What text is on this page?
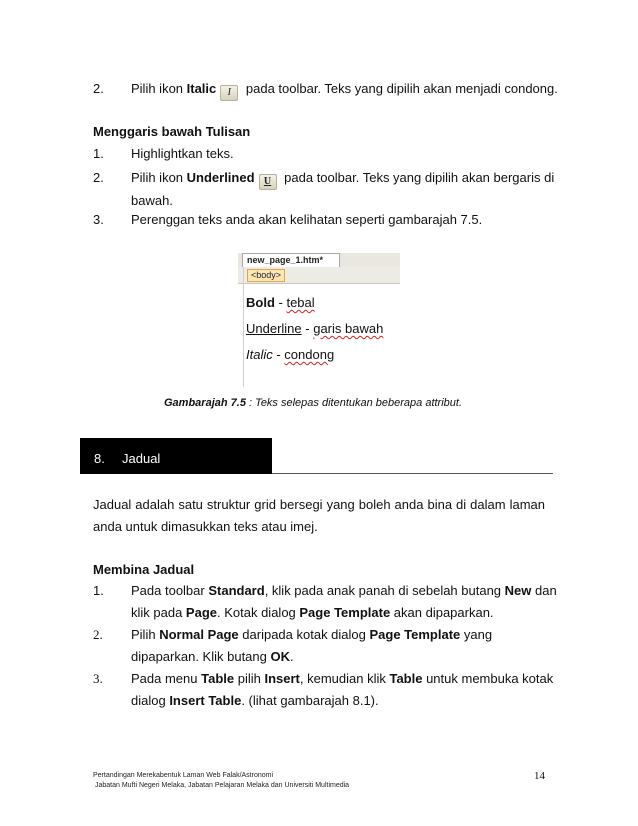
2. Pilih ikon Italic I pada toolbar. Teks yang dipilih akan menjadi condong.
Menggaris bawah Tulisan
1. Highlightkan teks.
2. Pilih ikon Underlined U pada toolbar. Teks yang dipilih akan bergaris di
bawah.
3. Perenggan teks anda akan kelihatan seperti gambarajah 7.5.
new_page_1.htm*
<body>
Bold - tebal
Underline - garis bawah
Italic - condong
Gambarajah 7.5 : Teks selepas ditentukan beberapa attribut.
8. Jadual
Jadual adalah satu struktur grid bersegi yang boleh anda bina di dalam laman
anda untuk dimasukkan teks atau imej.
Membina Jadual
1. Pada toolbar Standard, klik pada anak panah di sebelah butang New dan
klik pada Page. Kotak dialog Page Template akan dipaparkan.
2. Pilih Normal Page daripada kotak dialog Page Template yang
dipaparkan. Klik butang OK.
3. Pada menu Table pilih Insert, kemudian klik Table untuk membuka kotak
dialog Insert Table. (lihat gambarajah 8.1).
Pertandingan Merekabentuk Laman Web Falak/Astronomi
Jabatan Mufti Negeri Melaka, Jabatan Pelajaran Melaka dan Universiti Multimedia
14
